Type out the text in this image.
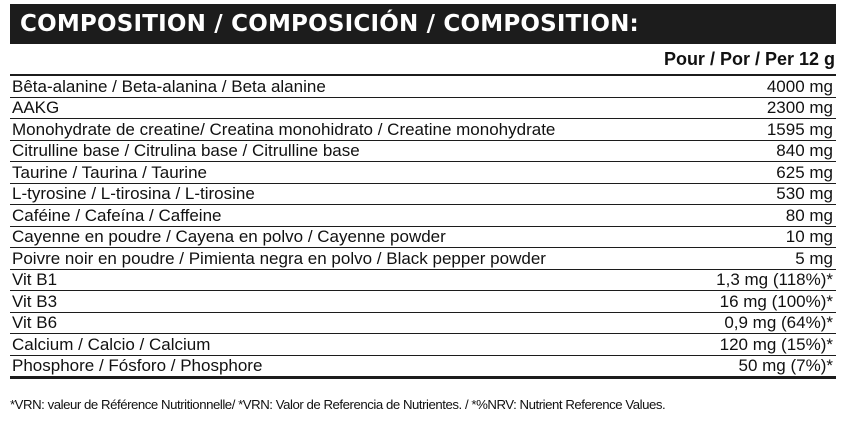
COMPOSITION / COMPOSICIÓN / COMPOSITION:
Pour / Por / Per 12 g
Bêta-alanine / Beta-alanina / Beta alanine	4000 mg
AAKG	2300 mg
Monohydrate de creatine/ Creatina monohidrato / Creatine monohydrate	1595 mg
Citrulline base / Citrulina base / Citrulline base	840 mg
Taurine / Taurina / Taurine	625 mg
L-tyrosine / L-tirosina / L-tirosine	530 mg
Caféine / Cafeína / Caffeine	80 mg
Cayenne en poudre / Cayena en polvo / Cayenne powder	10 mg
Poivre noir en poudre / Pimienta negra en polvo / Black pepper powder	5 mg
Vit B1	1,3 mg (118%)*
Vit B3	16 mg (100%)*
Vit B6	0,9 mg (64%)*
Calcium / Calcio / Calcium	120 mg (15%)*
Phosphore / Fósforo / Phosphore	50 mg (7%)*
*VRN: valeur de Référence Nutritionnelle/ *VRN: Valor de Referencia de Nutrientes. / *%NRV: Nutrient Reference Values.
